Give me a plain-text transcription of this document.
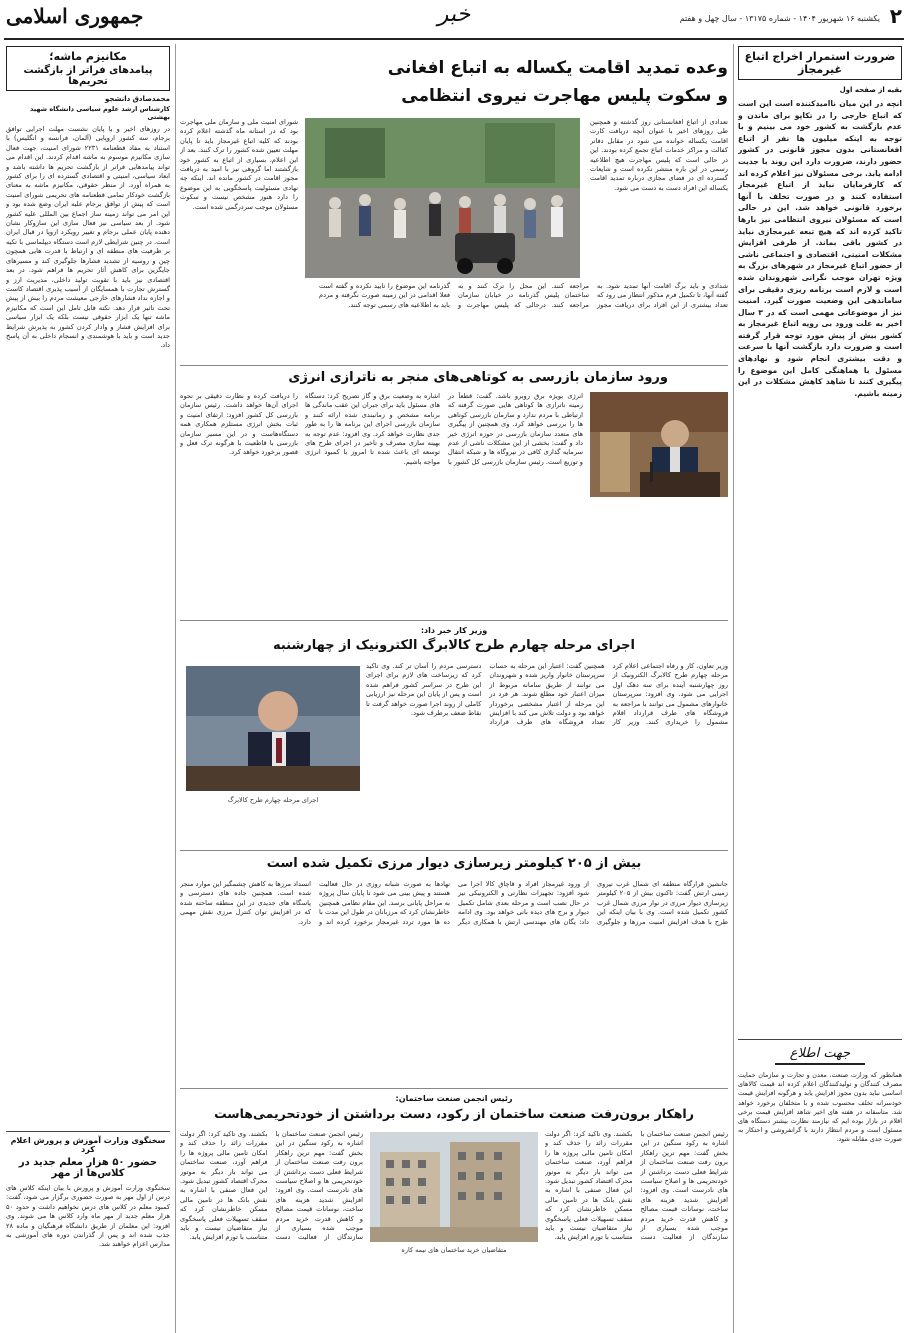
۲
یکشنبه ۱۶ شهریور ۱۴۰۴ - شماره ۱۳۱۷۵ - سال چهل و هفتم
خبر
جمهوری اسلامی
ضرورت استمرار اخراج اتباع غیرمجاز
بقیه از صفحه اول
انچه در این میان ناامیدکننده است این است که اتباع خارجی را در تکاپو برای ماندن و عدم بازگشت به کشور خود می بینیم و با توجه به اینکه میلیون ها نفر از اتباع افغانستانی بدون مجوز قانونی در کشور حضور دارند، ضرورت دارد این روند با جدیت ادامه یابد. برخی مسئولان نیز اعلام کرده اند که کارفرمایان نباید از اتباع غیرمجاز استفاده کنند و در صورت تخلف با آنها برخورد قانونی خواهد شد. این در حالی است که مسئولان نیروی انتظامی نیز بارها تاکید کرده اند که هیچ تبعه غیرمجازی نباید در کشور باقی بماند. از طرفی افزایش مشکلات امنیتی، اقتصادی و اجتماعی ناشی از حضور اتباع غیرمجاز در شهرهای بزرگ به ویژه تهران موجب نگرانی شهروندان شده است و لازم است برنامه ریزی دقیقی برای ساماندهی این وضعیت صورت گیرد. امنیت نیز از موضوعاتی مهمی است که در ۳ سال اخیر به علت ورود بی رویه اتباع غیرمجاز به کشور بیش از پیش مورد توجه قرار گرفته است و ضرورت دارد بازگشت آنها با سرعت و دقت بیشتری انجام شود و نهادهای مسئول با هماهنگی کامل این موضوع را پیگیری کنند تا شاهد کاهش مشکلات در این زمینه باشیم.
جهت اطلاع
همانطور که وزارت صنعت، معدن و تجارت و سازمان حمایت مصرف کنندگان و تولیدکنندگان اعلام کرده اند قیمت کالاهای اساسی نباید بدون مجوز افزایش یابد و هرگونه افزایش قیمت خودسرانه تخلف محسوب شده و با متخلفان برخورد خواهد شد. متاسفانه در هفته های اخیر شاهد افزایش قیمت برخی اقلام در بازار بوده ایم که نیازمند نظارت بیشتر دستگاه های مسئول است و مردم انتظار دارند با گرانفروشی و احتکار به صورت جدی مقابله شود.
مکانیزم ماشه؛
پیامدهای فراتر از بازگشت تحریم‌ها
محمدصادق دانشجو
کارشناس ارشد علوم سیاسی دانشگاه شهید بهشتی
در روزهای اخیر و با پایان نشست مهلت اجرایی توافق برجام، سه کشور اروپایی (آلمان، فرانسه و انگلیس) با استناد به مفاد قطعنامه ۲۲۳۱ شورای امنیت، جهت فعال سازی مکانیزم موسوم به ماشه اقدام کردند. این اقدام می تواند پیامدهایی فراتر از بازگشت تحریم ها داشته باشد و ابعاد سیاسی، امنیتی و اقتصادی گسترده ای را برای کشور به همراه آورد. از منظر حقوقی، مکانیزم ماشه به معنای بازگشت خودکار تمامی قطعنامه های تحریمی شورای امنیت است که پیش از توافق برجام علیه ایران وضع شده بود و این امر می تواند زمینه ساز اجماع بین المللی علیه کشور شود. از بعد سیاسی نیز فعال سازی این سازوکار نشان دهنده پایان عملی برجام و تغییر رویکرد اروپا در قبال ایران است. در چنین شرایطی لازم است دستگاه دیپلماسی با تکیه بر ظرفیت های منطقه ای و ارتباط با قدرت هایی همچون چین و روسیه از تشدید فشارها جلوگیری کند و مسیرهای جایگزین برای کاهش آثار تحریم ها فراهم شود. در بعد اقتصادی نیز باید با تقویت تولید داخلی، مدیریت ارز و گسترش تجارت با همسایگان از آسیب پذیری اقتصاد کاست و اجازه نداد فشارهای خارجی معیشت مردم را بیش از پیش تحت تاثیر قرار دهد. نکته قابل تامل این است که مکانیزم ماشه تنها یک ابزار حقوقی نیست بلکه یک ابزار سیاسی برای افزایش فشار و وادار کردن کشور به پذیرش شرایط جدید است و باید با هوشمندی و انسجام داخلی به آن پاسخ داد.
سخنگوی وزارت آموزش و پرورش اعلام کرد
حضور ۵۰ هزار معلم جدید در کلاس‌ها از مهر
سخنگوی وزارت آموزش و پرورش با بیان اینکه کلاس های درس از اول مهر به صورت حضوری برگزار می شود، گفت: کمبود معلم در کلاس های درس نخواهیم داشت و حدود ۵۰ هزار معلم جدید از مهر ماه وارد کلاس ها می شوند. وی افزود: این معلمان از طریق دانشگاه فرهنگیان و ماده ۲۸ جذب شده اند و پس از گذراندن دوره های آموزشی به مدارس اعزام خواهند شد.
وعده تمدید اقامت یکساله به اتباع افغانی
و سکوت پلیس مهاجرت نیروی انتظامی
تعدادی از اتباع افغانستانی روز گذشته و همچنین طی روزهای اخیر با عنوان آنچه دریافت کارت اقامت یکساله خوانده می شود در مقابل دفاتر کفالت و مراکز خدمات اتباع تجمع کرده بودند. این در حالی است که پلیس مهاجرت هیچ اطلاعیه رسمی در این باره منتشر نکرده است و شایعات گسترده ای در فضای مجازی درباره تمدید اقامت یکساله این افراد دست به دست می شود.
شورای امنیت ملی و سازمان ملی مهاجرت بود که در استانه ماه گذشته اعلام کرده بودند که کلیه اتباع غیرمجاز باید تا پایان مهلت تعیین شده کشور را ترک کنند. بعد از این اعلام، بسیاری از اتباع به کشور خود بازگشتند اما گروهی نیز با امید به دریافت مجوز اقامت در کشور مانده اند. اینکه چه نهادی مسئولیت پاسخگویی به این موضوع را دارد هنوز مشخص نیست و سکوت مسئولان موجب سردرگمی شده است.
شدادی و باید برگ اقامت آنها تمدید شود. به گفته آنها، تا تکمیل فرم مذکور انتظار می رود که تعداد بیشتری از این افراد برای دریافت مجوز مراجعه کنند. این محل را ترک کنند و به ساختمان پلیس گذرنامه در خیابان سازمان مراجعه کنند. درحالی که پلیس مهاجرت و گذرنامه این موضوع را تایید نکرده و گفته است فعلا اقدامی در این زمینه صورت نگرفته و مردم باید به اطلاعیه های رسمی توجه کنند.
ورود سازمان بازرسی به کوتاهی‌های منجر به ناترازی انرژی
انرژی بویژه برق روبرو باشد. گفت: قطعاً در زمینه ناترازی ها کوتاهی هایی صورت گرفته که ارتباطی با مردم ندارد و سازمان بازرسی کوتاهی ها را بررسی خواهد کرد. وی همچنین از پیگیری های متعدد سازمان بازرسی در حوزه انرژی خبر داد و گفت: بخشی از این مشکلات ناشی از عدم سرمایه گذاری کافی در نیروگاه ها و شبکه انتقال و توزیع است. رئیس سازمان بازرسی کل کشور با اشاره به وضعیت برق و گاز تصریح کرد: دستگاه های مسئول باید برای جبران این عقب ماندگی ها برنامه مشخص و زمانبندی شده ارائه کنند و سازمان بازرسی اجرای این برنامه ها را به طور جدی نظارت خواهد کرد. وی افزود: عدم توجه به بهینه سازی مصرف و تاخیر در اجرای طرح های توسعه ای باعث شده تا امروز با کمبود انرژی مواجه باشیم.
را دریافت کرده و نظارت دقیقی بر نحوه اجرای آن‌ها خواهد داشت. رئیس سازمان بازرسی کل کشور افزود: ارتقای امنیت و ثبات بخش انرژی مستلزم همکاری همه دستگاه‌هاست و در این مسیر سازمان بازرسی با قاطعیت با هرگونه ترک فعل و قصور برخورد خواهد کرد.
وزیر کار خبر داد:
اجرای مرحله چهارم طرح کالابرگ الکترونیک از چهارشنبه
وزیر تعاون، کار و رفاه اجتماعی اعلام کرد مرحله چهارم طرح کالابرگ الکترونیک از روز چهارشنبه آینده برای سه دهک اول اجرایی می شود. وی افزود: سرپرستان خانوارهای مشمول می توانند با مراجعه به فروشگاه های طرف قرارداد اقلام مشمول را خریداری کنند. وزیر کار همچنین گفت: اعتبار این مرحله به حساب سرپرستان خانوار واریز شده و شهروندان می توانند از طریق سامانه مربوط از میزان اعتبار خود مطلع شوند. هر فرد در این مرحله از اعتبار مشخصی برخوردار خواهد بود و دولت تلاش می کند با افزایش تعداد فروشگاه های طرف قرارداد دسترسی مردم را آسان تر کند. وی تاکید کرد که زیرساخت های لازم برای اجرای این طرح در سراسر کشور فراهم شده است و پس از پایان این مرحله نیز ارزیابی کاملی از روند اجرا صورت خواهد گرفت تا نقاط ضعف برطرف شود.
اجرای مرحله چهارم طرح کالابرگ
بیش از ۲۰۵ کیلومتر زیرسازی دیوار مرزی تکمیل شده است
جانشین قرارگاه منطقه ای شمال غرب نیروی زمینی ارتش گفت: تاکنون بیش از ۲۰۵ کیلومتر زیرسازی دیوار مرزی در نوار مرزی شمال غرب کشور تکمیل شده است. وی با بیان اینکه این طرح با هدف افزایش امنیت مرزها و جلوگیری از ورود غیرمجاز افراد و قاچاق کالا اجرا می شود افزود: تجهیزات نظارتی و الکترونیکی نیز در حال نصب است و مرحله بعدی شامل تکمیل دیوار و برج های دیده بانی خواهد بود. وی ادامه داد: یگان های مهندسی ارتش با همکاری دیگر نهادها به صورت شبانه روزی در حال فعالیت هستند و پیش بینی می شود تا پایان سال پروژه به مراحل پایانی برسد. این مقام نظامی همچنین خاطرنشان کرد که مرزبانان در طول این مدت با ده ها مورد تردد غیرمجاز برخورد کرده اند و انسداد مرزها به کاهش چشمگیر این موارد منجر شده است. همچنین جاده های دسترسی و پاسگاه های جدیدی در این منطقه ساخته شده که در افزایش توان کنترل مرزی نقش مهمی دارد.
رئیس انجمن صنعت ساختمان:
راهکار برون‌رفت صنعت ساختمان از رکود، دست برداشتن از خودتحریمی‌هاست
رئیس انجمن صنعت ساختمان با اشاره به رکود سنگین در این بخش گفت: مهم ترین راهکار برون رفت صنعت ساختمان از شرایط فعلی دست برداشتن از خودتحریمی ها و اصلاح سیاست های نادرست است. وی افزود: افزایش شدید هزینه های ساخت، نوسانات قیمت مصالح و کاهش قدرت خرید مردم موجب شده بسیاری از سازندگان از فعالیت دست بکشند. وی تاکید کرد: اگر دولت مقررات زائد را حذف کند و امکان تامین مالی پروژه ها را فراهم آورد، صنعت ساختمان می تواند بار دیگر به موتور محرک اقتصاد کشور تبدیل شود. این فعال صنفی با اشاره به نقش بانک ها در تامین مالی مسکن خاطرنشان کرد که سقف تسهیلات فعلی پاسخگوی نیاز متقاضیان نیست و باید متناسب با تورم افزایش یابد.
متقاضیان خرید ساختمان های نیمه کاره
رئیس انجمن صنعت ساختمان با اشاره به رکود سنگین در این بخش گفت: مهم ترین راهکار برون رفت صنعت ساختمان از شرایط فعلی دست برداشتن از خودتحریمی ها و اصلاح سیاست های نادرست است. وی افزود: افزایش شدید هزینه های ساخت، نوسانات قیمت مصالح و کاهش قدرت خرید مردم موجب شده بسیاری از سازندگان از فعالیت دست بکشند. وی تاکید کرد: اگر دولت مقررات زائد را حذف کند و امکان تامین مالی پروژه ها را فراهم آورد، صنعت ساختمان می تواند بار دیگر به موتور محرک اقتصاد کشور تبدیل شود. این فعال صنفی با اشاره به نقش بانک ها در تامین مالی مسکن خاطرنشان کرد که سقف تسهیلات فعلی پاسخگوی نیاز متقاضیان نیست و باید متناسب با تورم افزایش یابد.
